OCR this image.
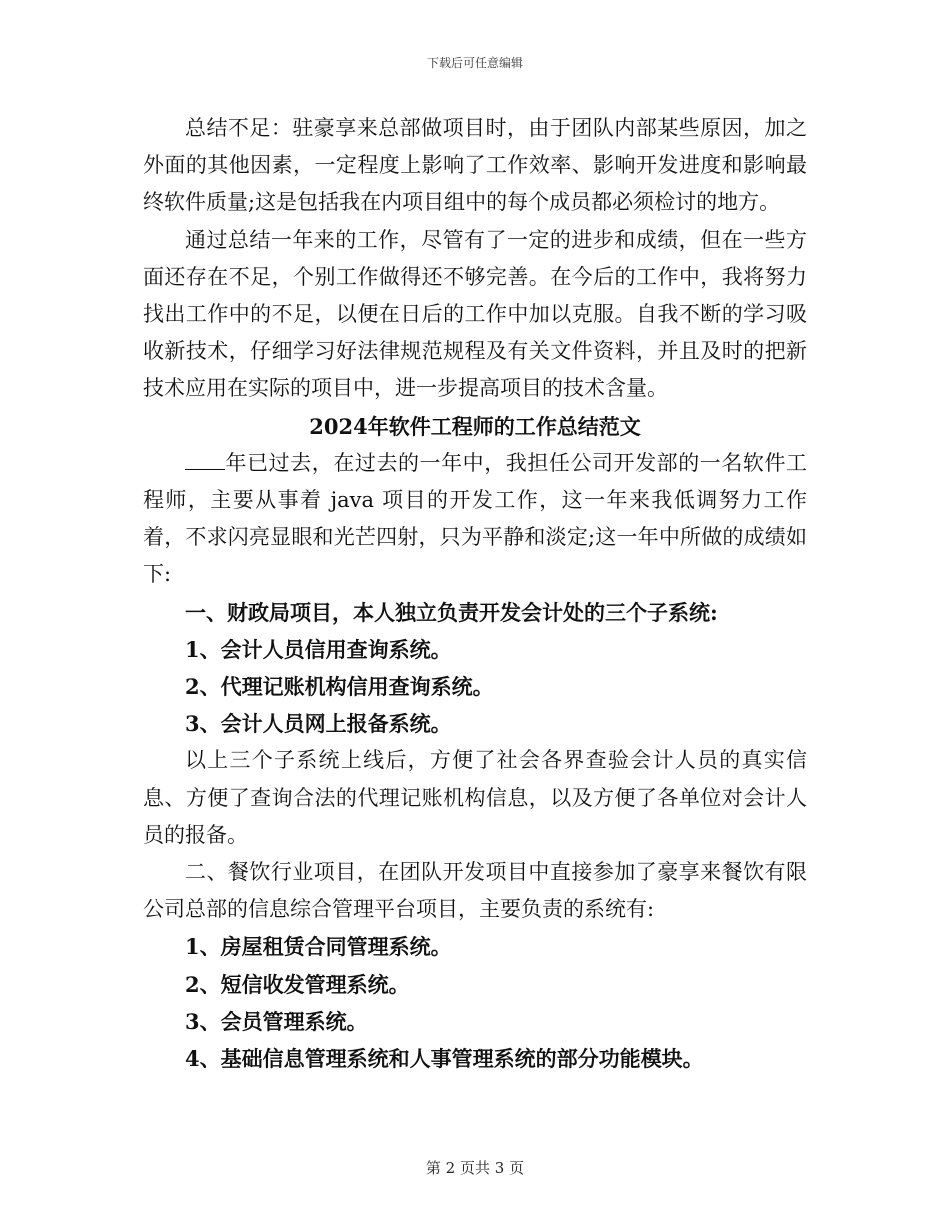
下载后可任意编辑

总结不足：驻豪享来总部做项目时，由于团队内部某些原因，加之外面的其他因素，一定程度上影响了工作效率、影响开发进度和影响最终软件质量;这是包括我在内项目组中的每个成员都必须检讨的地方。

通过总结一年来的工作，尽管有了一定的进步和成绩，但在一些方面还存在不足，个别工作做得还不够完善。在今后的工作中，我将努力找出工作中的不足，以便在日后的工作中加以克服。自我不断的学习吸收新技术，仔细学习好法律规范规程及有关文件资料，并且及时的把新技术应用在实际的项目中，进一步提高项目的技术含量。

2024年软件工程师的工作总结范文

年已过去，在过去的一年中，我担任公司开发部的一名软件工程师，主要从事着 java 项目的开发工作，这一年来我低调努力工作着，不求闪亮显眼和光芒四射，只为平静和淡定;这一年中所做的成绩如下:

一、财政局项目，本人独立负责开发会计处的三个子系统:

1、会计人员信用查询系统。

2、代理记账机构信用查询系统。

3、会计人员网上报备系统。

以上三个子系统上线后，方便了社会各界查验会计人员的真实信息、方便了查询合法的代理记账机构信息，以及方便了各单位对会计人员的报备。

二、餐饮行业项目，在团队开发项目中直接参加了豪享来餐饮有限公司总部的信息综合管理平台项目，主要负责的系统有:

1、房屋租赁合同管理系统。

2、短信收发管理系统。

3、会员管理系统。

4、基础信息管理系统和人事管理系统的部分功能模块。

第 2 页共 3 页
